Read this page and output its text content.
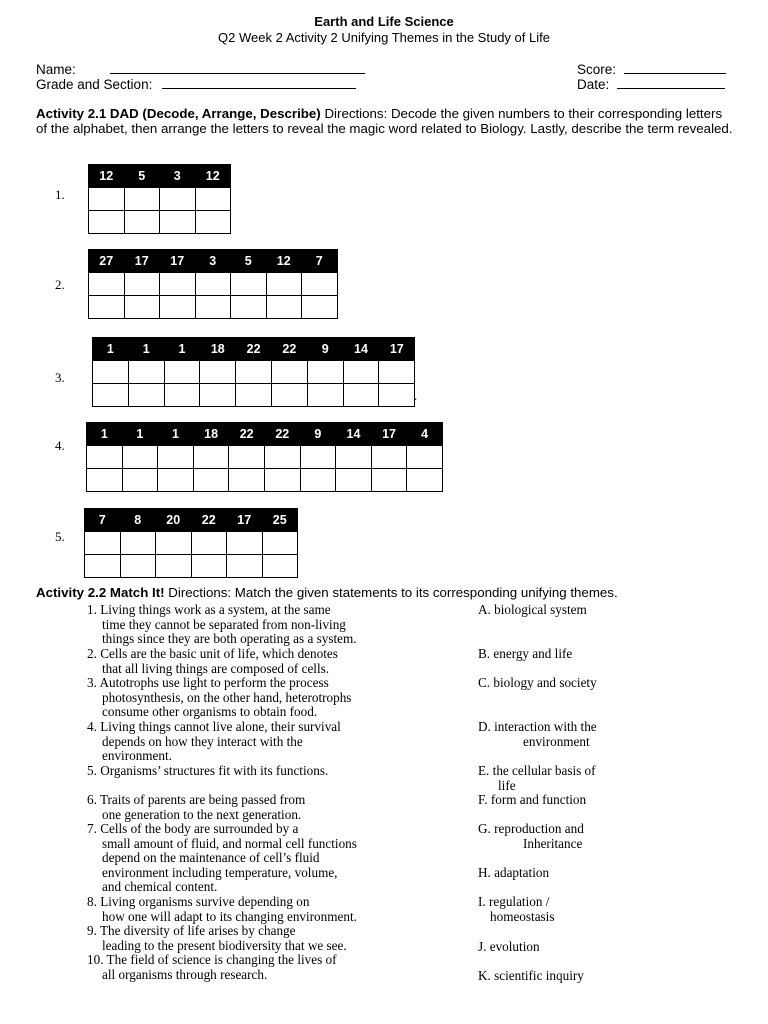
Earth and Life Science
Q2 Week 2 Activity 2 Unifying Themes in the Study of Life
Name:
Grade and Section:
Score:
Date:
Activity 2.1 DAD (Decode, Arrange, Describe) Directions: Decode the given numbers to their corresponding letters of the alphabet, then arrange the letters to reveal the magic word related to Biology. Lastly, describe the term revealed.
1.
12	5	3	12

2.
27	17	17	3	5	12	7

3.
1	1	1	18	22	22	9	14	17

4.
1	1	1	18	22	22	9	14	17	4

5.
7	8	20	22	17	25

.
Activity 2.2 Match It! Directions: Match the given statements to its corresponding unifying themes.
1. Living things work as a system, at the same
time they cannot be separated from non-living
things since they are both operating as a system.
2. Cells are the basic unit of life, which denotes
that all living things are composed of cells.
3. Autotrophs use light to perform the process
photosynthesis, on the other hand, heterotrophs
consume other organisms to obtain food.
4. Living things cannot live alone, their survival
depends on how they interact with the
environment.
5. Organisms’ structures fit with its functions.
6. Traits of parents are being passed from
one generation to the next generation.
7. Cells of the body are surrounded by a
small amount of fluid, and normal cell functions
depend on the maintenance of cell’s fluid
environment including temperature, volume,
and chemical content.
8. Living organisms survive depending on
how one will adapt to its changing environment.
9. The diversity of life arises by change
leading to the present biodiversity that we see.
10. The field of science is changing the lives of
all organisms through research.
A. biological system
B. energy and life
C. biology and society
D. interaction with the
environment
E. the cellular basis of
life
F. form and function
G. reproduction and
Inheritance
H. adaptation
I. regulation /
homeostasis
J. evolution
K. scientific inquiry
